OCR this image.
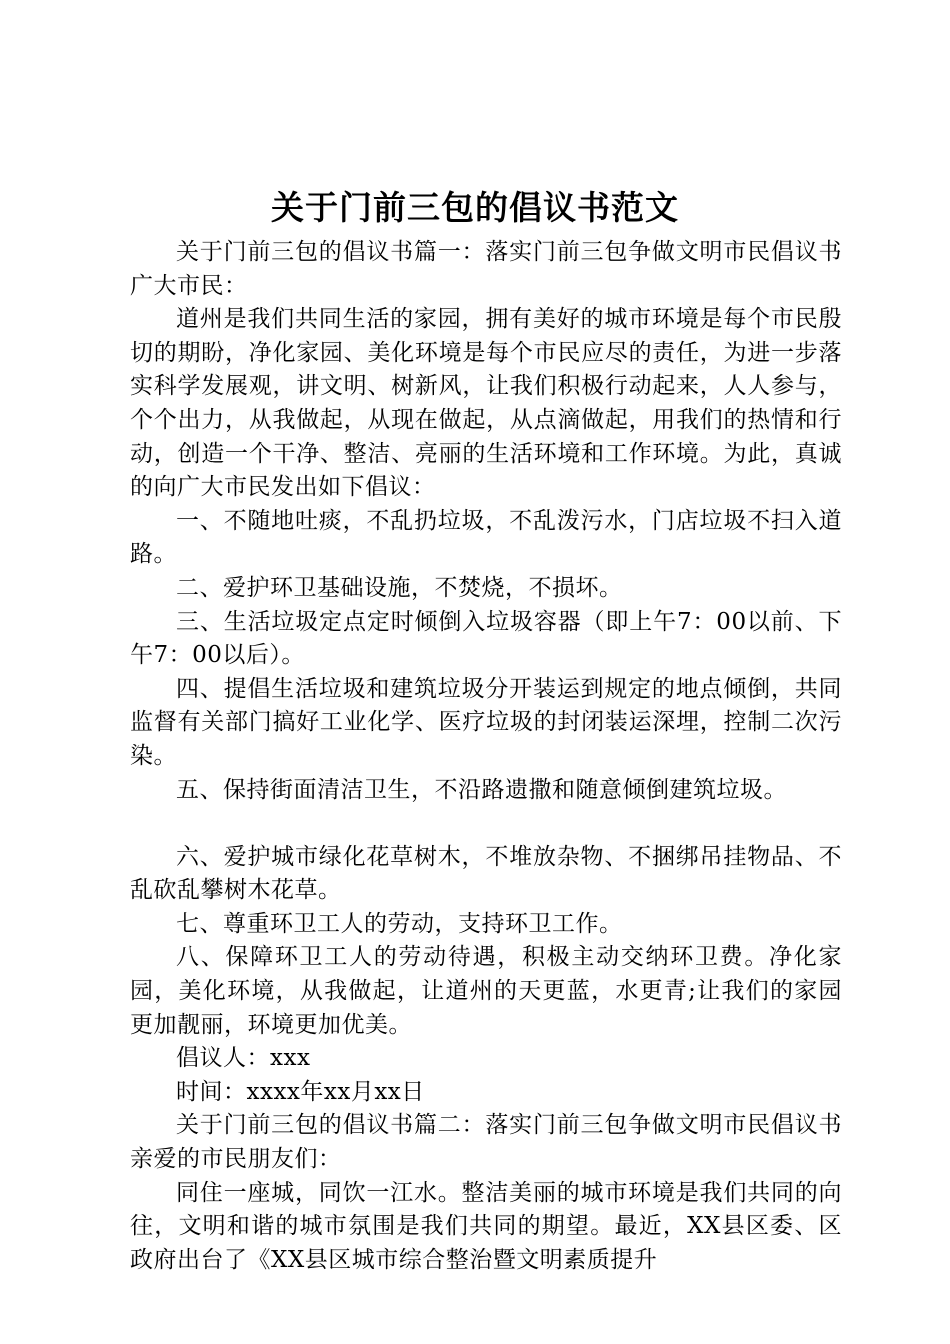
关于门前三包的倡议书范文

关于门前三包的倡议书篇一：落实门前三包争做文明市民倡议书广大市民：

道州是我们共同生活的家园，拥有美好的城市环境是每个市民殷切的期盼，净化家园、美化环境是每个市民应尽的责任，为进一步落实科学发展观，讲文明、树新风，让我们积极行动起来，人人参与，个个出力，从我做起，从现在做起，从点滴做起，用我们的热情和行动，创造一个干净、整洁、亮丽的生活环境和工作环境。为此，真诚的向广大市民发出如下倡议：

一、不随地吐痰，不乱扔垃圾，不乱泼污水，门店垃圾不扫入道路。

二、爱护环卫基础设施，不焚烧，不损坏。

三、生活垃圾定点定时倾倒入垃圾容器（即上午7：00以前、下午7：00以后）。

四、提倡生活垃圾和建筑垃圾分开装运到规定的地点倾倒，共同监督有关部门搞好工业化学、医疗垃圾的封闭装运深埋，控制二次污染。

五、保持街面清洁卫生，不沿路遗撒和随意倾倒建筑垃圾。

六、爱护城市绿化花草树木，不堆放杂物、不捆绑吊挂物品、不乱砍乱攀树木花草。

七、尊重环卫工人的劳动，支持环卫工作。

八、保障环卫工人的劳动待遇，积极主动交纳环卫费。净化家园，美化环境，从我做起，让道州的天更蓝，水更青;让我们的家园更加靓丽，环境更加优美。

倡议人：xxx

时间：xxxx年xx月xx日

关于门前三包的倡议书篇二：落实门前三包争做文明市民倡议书亲爱的市民朋友们：

同住一座城，同饮一江水。整洁美丽的城市环境是我们共同的向往，文明和谐的城市氛围是我们共同的期望。最近，XX县区委、区政府出台了《XX县区城市综合整治暨文明素质提升
